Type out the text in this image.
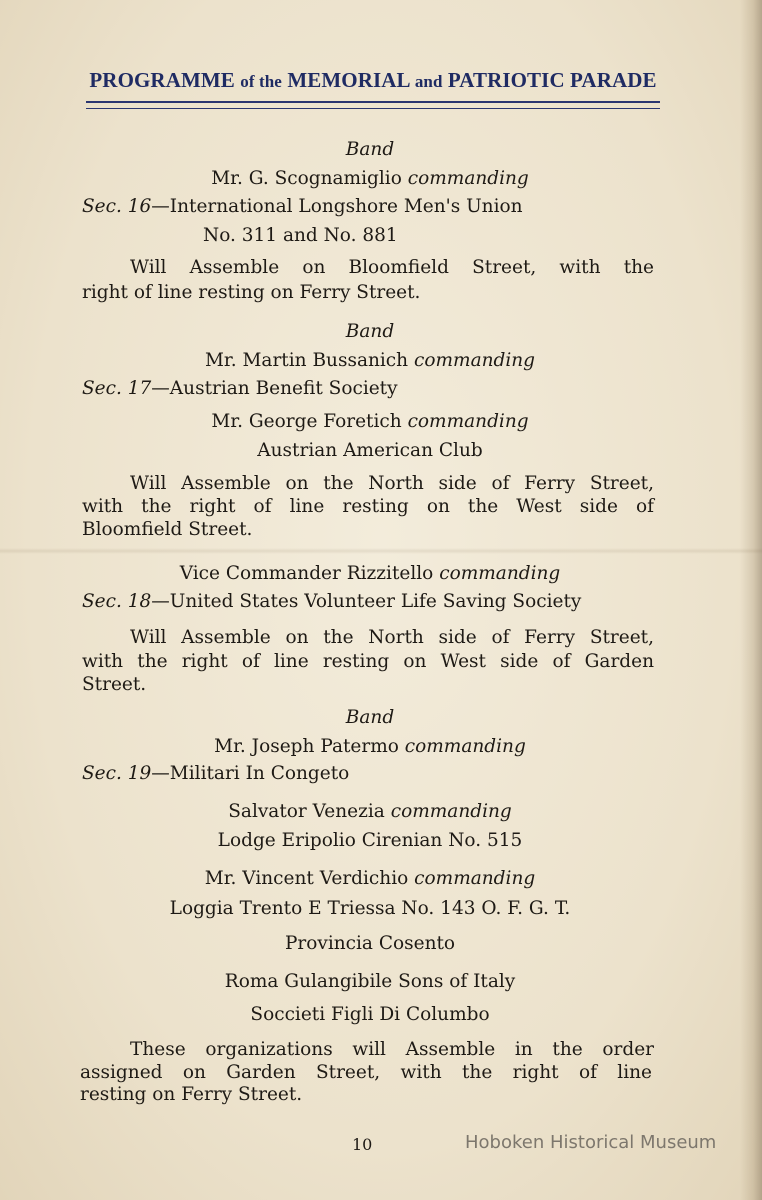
PROGRAMME of the MEMORIAL and PATRIOTIC PARADE
Band
Mr. G. Scognamiglio commanding
Sec. 16—International Longshore Men's Union
No. 311 and No. 881
Will Assemble on Bloomfield Street, with the
right of line resting on Ferry Street.
Band
Mr. Martin Bussanich commanding
Sec. 17—Austrian Benefit Society
Mr. George Foretich commanding
Austrian American Club
Will Assemble on the North side of Ferry Street,
with the right of line resting on the West side of
Bloomfield Street.
Vice Commander Rizzitello commanding
Sec. 18—United States Volunteer Life Saving Society
Will Assemble on the North side of Ferry Street,
with the right of line resting on West side of Garden
Street.
Band
Mr. Joseph Patermo commanding
Sec. 19—Militari In Congeto
Salvator Venezia commanding
Lodge Eripolio Cirenian No. 515
Mr. Vincent Verdichio commanding
Loggia Trento E Triessa No. 143 O. F. G. T.
Provincia Cosento
Roma Gulangibile Sons of Italy
Soccieti Figli Di Columbo
These organizations will Assemble in the order
assigned on Garden Street, with the right of line
resting on Ferry Street.
10	Hoboken Historical Museum
